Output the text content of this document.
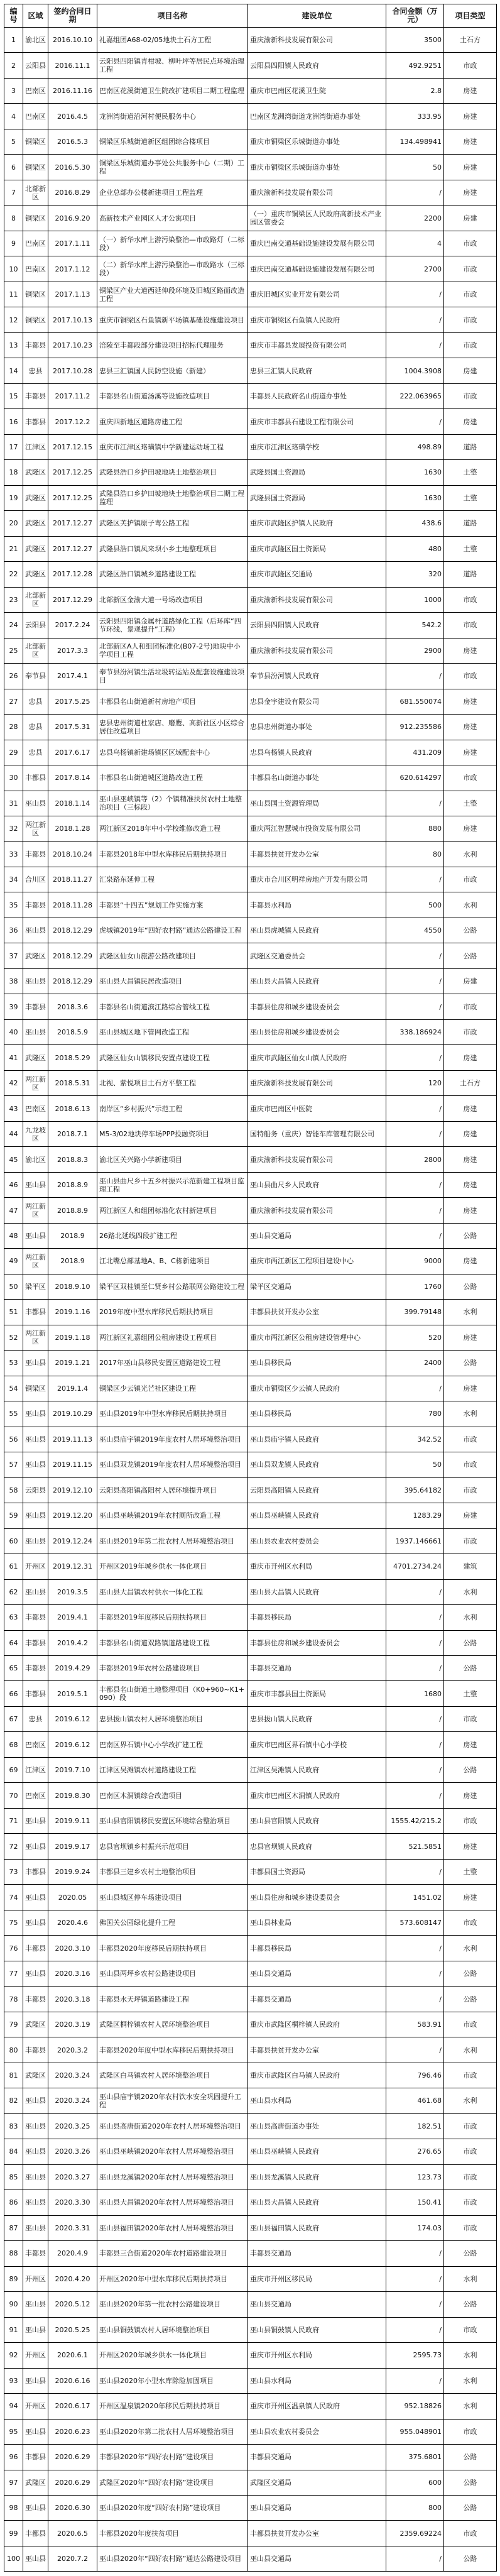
编号	区域	签约合同日期	项目名称	建设单位	合同金额（万元）	项目类型
1	渝北区	2016.10.10	礼嘉组团A68-02/05地块土石方工程	重庆渝新科技发展有限公司	3500	土石方
2	云阳县	2016.11.1	云阳县四阳镇青柑坡、柳叶坪等居民点环境治理工程	云阳县四阳镇人民政府	492.9251	市政
3	巴南区	2016.11.16	巴南区花溪街道卫生院改扩建项目二期工程监理	重庆市巴南区花溪卫生院	2.8	房建
4	巴南区	2016.4.5	龙洲湾街道沿河村便民服务中心	巴南区龙洲湾街道龙洲湾街道办事处	333.95	房建
5	铜梁区	2016.5.3	铜梁区乐城街道新区组团综合楼项目	重庆市铜梁区乐城街道办事处	134.498941	房建
6	铜梁区	2016.5.30	铜梁区乐城街道办事处公共服务中心（二期）工程	重庆市铜梁区乐城街道办事处	50	房建
7	北部新区	2016.8.29	企业总部办公楼新建项目工程监理	重庆渝新科技发展有限公司	/	房建
8	铜梁区	2016.9.20	高新技术产业园区人才公寓项目	（一）重庆市铜梁区人民政府高新技术产业园区管委会	2200	房建
9	巴南区	2017.1.11	（一）新华水库上游污染整治—市政路灯（二标段）	重庆巴南交通基础设施建设发展有限公司	4	市政
10	巴南区	2017.1.12	（二）新华水库上游污染整治—市政路水（三标段）	重庆巴南交通基础设施建设发展有限公司	2700	市政
11	铜梁区	2017.1.13	铜梁区产业大道西延伸段环境及旧城区路面改造工程	重庆旧城区实业开发有限公司	/	市政
12	铜梁区	2017.10.13	重庆市铜梁区石鱼镇新平场镇基础设施建设项目	重庆市铜梁区石鱼镇人民政府	/	市政
13	丰都县	2017.10.23	涪陵至丰都段部分建设项目招标代理服务	重庆市丰都县发展投资有限公司	/	市政
14	忠县	2017.10.28	忠县三汇镇国人民防空设施（新建）	忠县三汇镇人民政府	1004.3908	房建
15	丰都县	2017.11.2	丰都县名山街道汤溪等设施改造项目	丰都县人民政府名山街道办事处	222.063965	市政
16	丰都县	2017.12.2	重庆四新地区道路房建工程	重庆市丰都县石建设工程有限公司	/	房建
17	江津区	2017.12.15	重庆市江津区珞璜镇中学新建运动场工程	重庆市江津区珞璜学校	498.89	道路
18	武隆区	2017.12.25	武隆县浩口乡护田坡地块土地整治项目	武隆县国土资源局	1630	土整
19	武隆区	2017.12.25	武隆县浩口乡护田坡地块土地整治项目二期工程监理	武隆县国土资源局	1630	土整
20	武隆区	2017.12.27	武隆区芙护镇原子弯公路工程	重庆市武隆区护镇人民政府	438.6	道路
21	武隆区	2017.12.27	武隆县浩口镇凤来坝小乡土地整理项目	重庆市武隆区国土资源局	480	土整
22	武隆区	2017.12.28	武隆区浩口镇城乡道路建设工程	重庆市武隆区交通局	320	道路
23	北部新区	2017.12.29	北部新区金渝大道一号场改造项目	重庆渝新科技发展有限公司	1000	市政
24	云阳县	2017.2.24	云阳县四阳镇金属杆道路绿化工程（后环库“四节环线、景观提升”工程）	云阳县四阳镇人民政府	542.2	市政
25	北部新区	2017.3.3	北部新区A人和组团标准化(B07-2号)地块中小学项目工程	重庆渝新科技发展有限公司	2900	房建
26	奉节县	2017.4.1	奉节县汾河镇生活垃圾转运站及配套设施建设项目	奉节县汾河镇人民政府	/	市政
27	忠县	2017.5.25	丰都县名山街道新村房地产项目	忠县金宇建设有限公司	681.550074	房建
28	忠县	2017.5.31	忠县忠州街道杜家店、磨鹰、高新社区小区综合居住改造项目	忠县忠州街道办事处	912.235586	房建
29	忠县	2017.6.17	忠县乌杨镇新建场镇区区域配套中心	忠县乌杨镇人民政府	431.209	房建
30	丰都县	2017.8.14	丰都县名山街道城区道路改造工程	丰都县名山街道办事处	620.614297	市政
31	巫山县	2018.1.14	巫山县巫峡镇等（2）个镇精准扶贫农村土地整治项目（三标段）	巫山县国土资源管理局	/	土整
32	两江新区	2018.1.28	两江新区2018年中小学校维修改造工程	重庆两江智慧城市投资发展有限公司	880	房建
33	丰都县	2018.10.24	丰都县2018年中型水库移民后期扶持项目	丰都县扶贫开发办公室	80	水利
34	合川区	2018.11.27	汇泉路东延伸工程	重庆市合川区明祥房地产开发有限公司	/	市政
35	丰都县	2018.11.28	丰都县“十四五”规划工作实施方案	丰都县水利局	500	水利
36	巫山县	2018.12.29	虎城镇2019年“四好农村路”通达公路建设工程	巫山县虎城镇人民政府	4550	公路
37	武隆区	2018.12.29	武隆区仙女山旅游公路改建项目	武隆区交通委员会	/	公路
38	巫山县	2018.12.29	巫山县大昌镇民居改造项目	巫山县大昌镇人民政府	/	房建
39	丰都县	2018.3.6	丰都县名山街道滨江路综合管线工程	丰都县住房和城乡建设委员会	/	市政
40	巫山县	2018.5.9	巫山县城区地下管网改造工程	巫山县住房和城乡建设委员会	338.186924	市政
41	武隆区	2018.5.29	武隆区仙女山镇移民安置点建设工程	重庆市武隆区仙女山镇人民政府	/	房建
42	两江新区	2018.5.31	北视、紫悦项目土石方平整工程	重庆渝新科技发展有限公司	120	土石方
43	巴南区	2018.6.13	南岸区“乡村振兴”示范工程	重庆市巴南区中医院	/	房建
44	九龙坡区	2018.7.1	M5-3/02地块停车场PPP投融资项目	国特船务（重庆）智能车库管理有限公司	/	房建
45	渝北区	2018.8.3	渝北区关兴路小学新建项目	重庆渝新科技发展有限公司	2800	房建
46	巫山县	2018.8.9	巫山县曲尺乡十五乡村振兴示范新建工程项目监理工程	巫山县曲尺乡人民政府	/	房建
47	两江新区	2018.8.9	两江新区人和组团标准化农村新建项目	重庆渝新科技发展有限公司	/	房建
48	巫山县	2018.9	26路北延线四段扩建工程	巫山县交通局	/	公路
49	两江新区	2018.9	江北嘴总部基地A、B、C栋新建项目	重庆市两江新区工程项目建设中心	9000	房建
50	梁平区	2018.9.10	梁平区双桂镇至仁贤乡村公路联网公路建设工程	梁平区交通局	1760	公路
51	丰都县	2019.1.16	2019年度中型水库移民后期扶持项目	丰都县扶贫开发办公室	399.79148	水利
52	两江新区	2019.1.18	两江新区礼嘉组团公租房建设工程项目	重庆市两江新区公租房建设管理中心	520	房建
53	巫山县	2019.1.21	2017年巫山县移民安置区道路建设工程	巫山县移民局	2400	公路
54	铜梁区	2019.1.4	铜梁区少云镇光芒社区建设工程	重庆市铜梁区少云镇人民政府	/	房建
55	巫山县	2019.10.29	巫山县2019年中型水库移民后期扶持项目	巫山县移民局	780	水利
56	巫山县	2019.11.13	巫山县庙宇镇2019年度农村人居环境整治项目	巫山县庙宇镇人民政府	342.52	市政
57	巫山县	2019.11.15	巫山县双龙镇2019年度农村人居环境整治项目	巫山县双龙镇人民政府	50	市政
58	云阳县	2019.12.10	云阳县高阳镇高阳村人居环境提升项目	云阳县高阳镇人民政府	395.64182	市政
59	巫山县	2019.12.20	巫山县巫峡镇2019年农村厕所改造工程	巫山县巫峡镇人民政府	1283.29	房建
60	巫山县	2019.12.24	巫山县2019年第二批农村人居环境整治项目	巫山县农业农村委员会	1937.146661	市政
61	开州区	2019.12.31	开州区2019年城乡供水一体化项目	重庆市开州区水利局	4701.2734.24	建筑
62	巫山县	2019.3.5	巫山县大昌镇农村供水一体化工程	巫山县大昌镇人民政府	/	水利
63	丰都县	2019.4.1	丰都县2019年度移民后期扶持项目	丰都县移民局	/	水利
64	丰都县	2019.4.2	丰都县名山街道双路镇道路建设工程	丰都县住房和城乡建设委员会	/	公路
65	丰都县	2019.4.29	丰都县2019年农村公路建设项目	丰都县交通局	/	公路
66	丰都县	2019.5.1	丰都县名山街道土地整理项目（K0+960~K1+090）段	重庆市丰都县国土资源局	1680	土整
67	忠县	2019.6.12	忠县拔山镇农村人居环境整治项目	忠县拔山镇人民政府	/	市政
68	巴南区	2019.6.12	巴南区界石镇中心小学改扩建工程	重庆市巴南区界石镇中心小学校	/	房建
69	江津区	2019.7.10	江津区吴滩镇农村道路建设工程	江津区吴滩镇人民政府	/	公路
70	巴南区	2019.8.30	巴南区木洞镇综合改造项目	重庆市巴南区木洞镇人民政府	/	房建
71	巫山县	2019.9.11	巫山县官阳镇移民安置区环境综合整治项目	巫山县官阳镇人民政府	1555.42/215.2	市政
72	巫山县	2019.9.17	忠县官坝镇乡村振兴示范项目	忠县官坝镇人民政府	521.5851	房建
73	丰都县	2019.9.24	丰都县三建乡农村土地整治项目	丰都县国土资源局	/	土整
74	巫山县	2020.05	巫山县城区停车场建设项目	巫山县住房和城乡建设委员会	1451.02	房建
75	巫山县	2020.4.6	佛国关公园绿化提升工程	巫山县林业局	573.608147	市政
76	丰都县	2020.3.10	丰都县2020年度移民后期扶持项目	丰都县移民局	/	水利
77	巫山县	2020.3.16	巫山县两坪乡农村公路建设项目	巫山县交通局	/	公路
78	丰都县	2020.3.18	丰都县水天坪镇道路建设工程	丰都县交通局	/	公路
79	武隆区	2020.3.19	武隆区桐梓镇农村人居环境整治项目	重庆市武隆区桐梓镇人民政府	583.91	市政
80	丰都县	2020.3.2	丰都县2020年度中型水库移民后期扶持项目	丰都县扶贫开发办公室	/	水利
81	武隆区	2020.3.24	武隆区白马镇农村人居环境整治项目	重庆市武隆区白马镇人民政府	796.46	市政
82	巫山县	2020.3.24	巫山县庙宇镇2020年农村饮水安全巩固提升工程	巫山县水利局	461.68	水利
83	巫山县	2020.3.25	巫山县高唐街道2020年农村人居环境整治项目	巫山县高唐街道办事处	182.51	市政
84	巫山县	2020.3.26	巫山县巫峡镇2020年农村人居环境整治项目	巫山县巫峡镇人民政府	276.65	市政
85	巫山县	2020.3.27	巫山县龙溪镇2020年农村人居环境整治项目	巫山县龙溪镇人民政府	123.73	市政
86	巫山县	2020.3.30	巫山县大昌镇2020年农村人居环境整治项目	巫山县大昌镇人民政府	150.41	市政
87	巫山县	2020.3.31	巫山县福田镇2020年农村人居环境整治项目	巫山县福田镇人民政府	174.03	市政
88	丰都县	2020.4.9	丰都县三合街道2020年农村道路建设项目	丰都县交通局	/	公路
89	开州区	2020.4.20	开州区2020年中型水库移民后期扶持项目	重庆市开州区移民局	/	水利
90	巫山县	2020.5.12	巫山县2020年第一批农村公路建设项目	巫山县交通局	/	公路
91	巫山县	2020.5.25	巫山县铜鼓镇农村人居环境整治项目	巫山县铜鼓镇人民政府	/	市政
92	开州区	2020.6.1	开州区2020年城乡供水一体化项目	重庆市开州区水利局	2595.73	水利
93	巫山县	2020.6.16	巫山县2020年小型水库除险加固项目	巫山县水利局	/	水利
94	开州区	2020.6.17	开州区温泉镇2020年移民后期扶持项目	重庆市开州区温泉镇人民政府	952.18826	水利
95	巫山县	2020.6.23	巫山县2020年第二批农村人居环境整治项目	巫山县农业农村委员会	955.048901	市政
96	丰都县	2020.6.29	丰都县2020年“四好农村路”建设项目	丰都县交通局	375.6801	公路
97	武隆区	2020.6.29	武隆区2020年“四好农村路”建设项目	武隆区交通局	600	公路
98	巫山县	2020.6.30	巫山县2020年度“四好农村路”建设项目	巫山县交通局	800	公路
99	丰都县	2020.6.5	丰都县2020年度扶贫项目	丰都县扶贫开发办公室	2359.69224	市政
100	巫山县	2020.7.2	巫山县2020年“四好农村路”通达公路建设项目	巫山县交通局	/	公路
